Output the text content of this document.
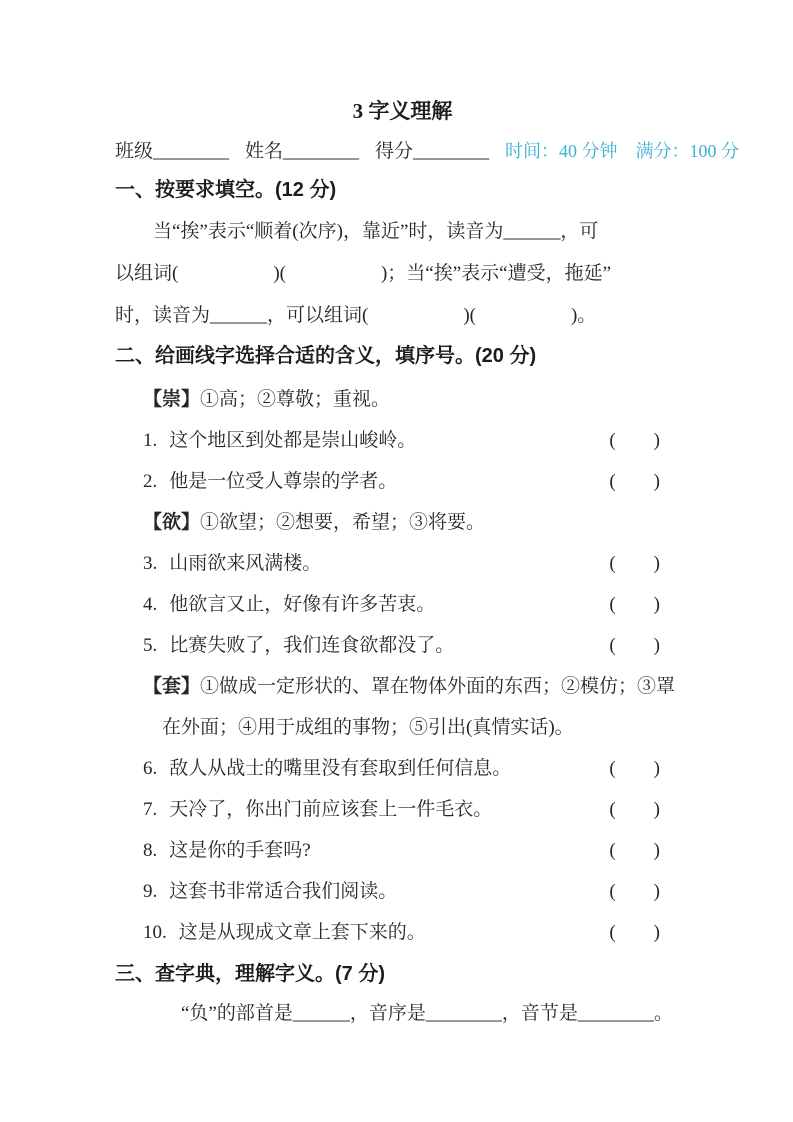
3 字义理解
班级________ 姓名________ 得分________ 时间：40 分钟　满分：100 分
一、按要求填空。(12 分)
当“挨”表示“顺着(次序)，靠近”时，读音为______，可
以组词(　　　　　)(　　　　　)；当“挨”表示“遭受，拖延”
时，读音为______，可以组词(　　　　　)(　　　　　)。
二、给画线字选择合适的含义，填序号。(20 分)

【崇】①高；②尊敬；重视。

1. 这个地区到处都是崇山峻岭。	(　　)
2. 他是一位受人尊崇的学者。	(　　)

【欲】①欲望；②想要，希望；③将要。

3. 山雨欲来风满楼。	(　　)
4. 他欲言又止，好像有许多苦衷。	(　　)
5. 比赛失败了，我们连食欲都没了。	(　　)

【套】①做成一定形状的、罩在物体外面的东西；②模仿；③罩在外面；④用于成组的事物；⑤引出(真情实话)。

6. 敌人从战士的嘴里没有套取到任何信息。	(　　)
7. 天冷了，你出门前应该套上一件毛衣。	(　　)
8. 这是你的手套吗?	(　　)
9. 这套书非常适合我们阅读。	(　　)
10. 这是从现成文章上套下来的。	(　　)
三、查字典，理解字义。(7 分)

“负”的部首是______，音序是________，音节是________。
